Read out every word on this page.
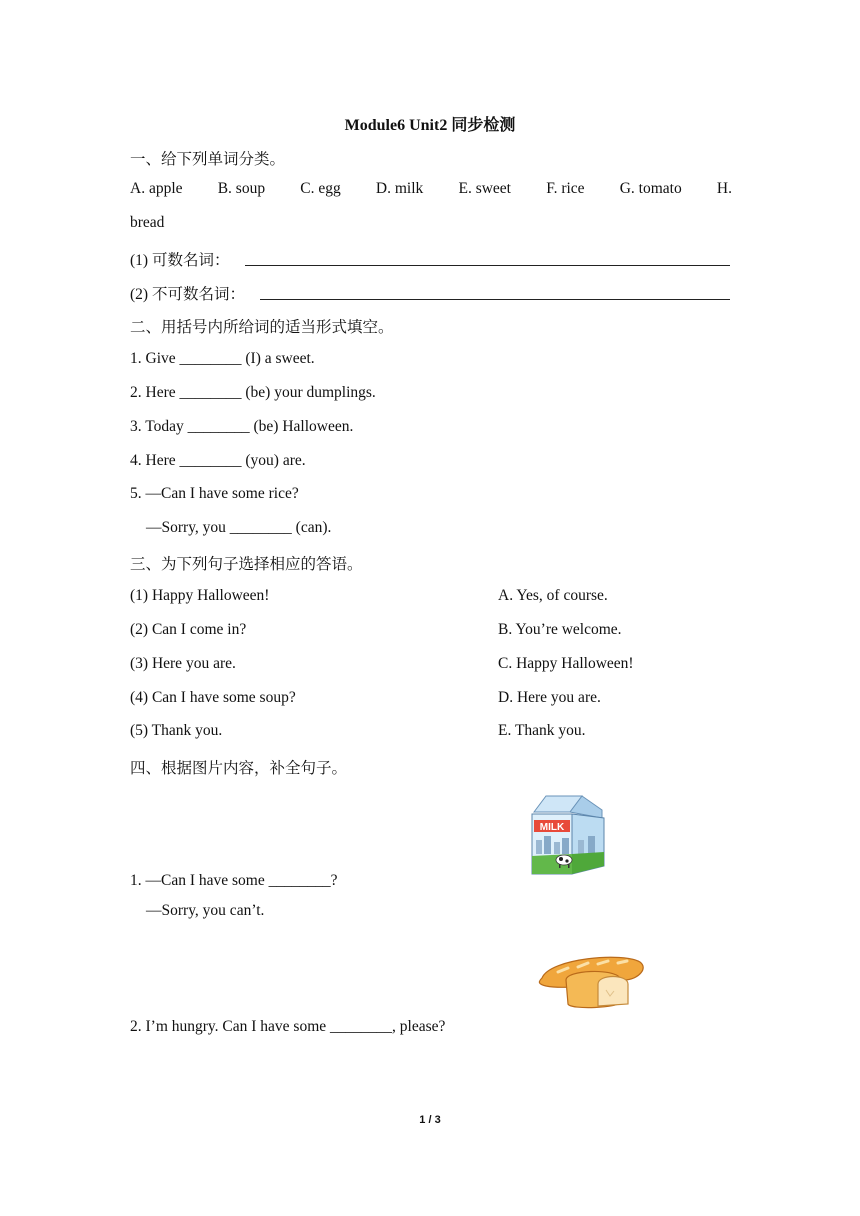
Module6 Unit2 同步检测
一、给下列单词分类。
A. apple B. soup C. egg D. milk E. sweet F. rice G. tomato H.
bread
(1) 可数名词：
(2) 不可数名词：
二、用括号内所给词的适当形式填空。
1. Give ________ (I) a sweet.
2. Here ________ (be) your dumplings.
3. Today ________ (be) Halloween.
4. Here ________ (you) are.
5. —Can I have some rice?
—Sorry, you ________ (can).
三、为下列句子选择相应的答语。
(1) Happy Halloween!	A. Yes, of course.
(2) Can I come in?	B. You’re welcome.
(3) Here you are.	C. Happy Halloween!
(4) Can I have some soup?	D. Here you are.
(5) Thank you.	E. Thank you.
四、根据图片内容，补全句子。
MILK
1. —Can I have some ________?
—Sorry, you can’t.
2. I’m hungry. Can I have some ________, please?
1 / 3
